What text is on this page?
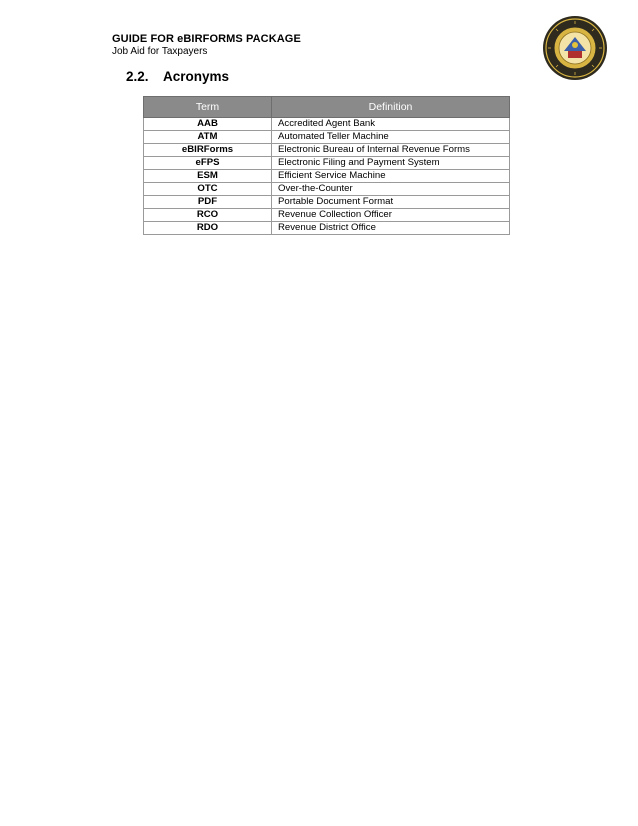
GUIDE FOR eBIRFORMS PACKAGE
Job Aid for Taxpayers
2.2. Acronyms
Term	Definition
AAB	Accredited Agent Bank
ATM	Automated Teller Machine
eBIRForms	Electronic Bureau of Internal Revenue Forms
eFPS	Electronic Filing and Payment System
ESM	Efficient Service Machine
OTC	Over-the-Counter
PDF	Portable Document Format
RCO	Revenue Collection Officer
RDO	Revenue District Office
